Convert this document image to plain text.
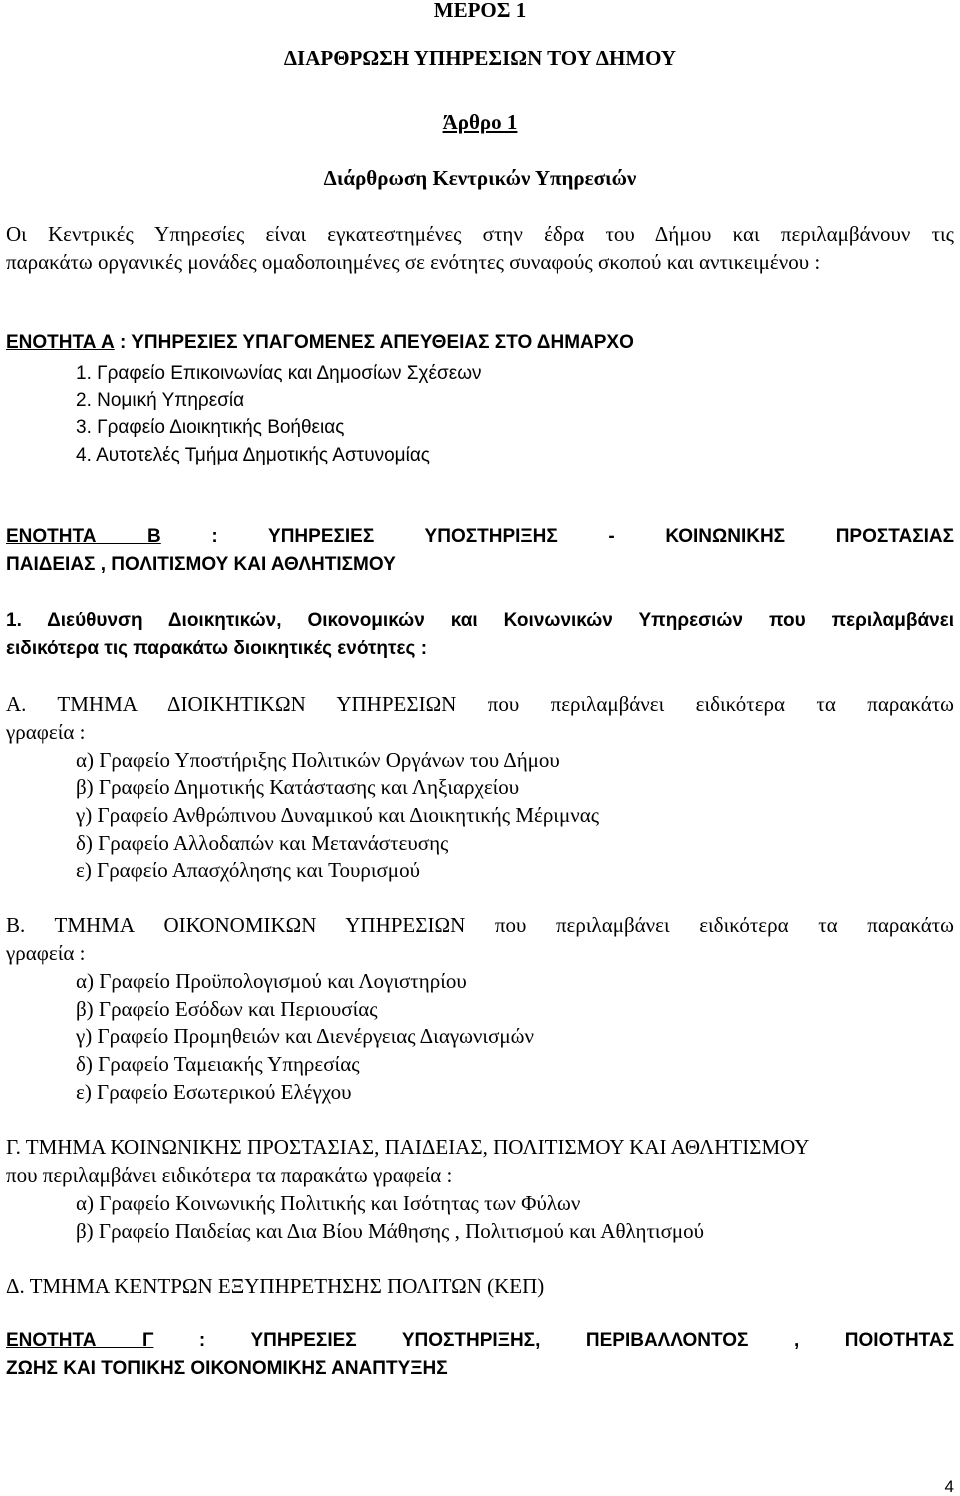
ΜΕΡΟΣ 1
ΔΙΑΡΘΡΩΣΗ ΥΠΗΡΕΣΙΩΝ ΤΟΥ ΔΗΜΟΥ
Άρθρο 1
Διάρθρωση Κεντρικών Υπηρεσιών
Οι Κεντρικές Υπηρεσίες είναι εγκατεστημένες στην έδρα του Δήμου και περιλαμβάνουν τις
παρακάτω οργανικές μονάδες ομαδοποιημένες σε ενότητες συναφούς σκοπού και αντικειμένου :
ΕΝΟΤΗΤΑ Α : ΥΠΗΡΕΣΙΕΣ ΥΠΑΓΟΜΕΝΕΣ ΑΠΕΥΘΕΙΑΣ ΣΤΟ ΔΗΜΑΡΧΟ
1. Γραφείο Επικοινωνίας και Δημοσίων Σχέσεων
2. Νομική Υπηρεσία
3. Γραφείο Διοικητικής Βοήθειας
4. Αυτοτελές Τμήμα Δημοτικής Αστυνομίας
ΕΝΟΤΗΤΑ Β : ΥΠΗΡΕΣΙΕΣ ΥΠΟΣΤΗΡΙΞΗΣ - ΚΟΙΝΩΝΙΚΗΣ ΠΡΟΣΤΑΣΙΑΣ
ΠΑΙΔΕΙΑΣ , ΠΟΛΙΤΙΣΜΟΥ ΚΑΙ ΑΘΛΗΤΙΣΜΟΥ
1. Διεύθυνση Διοικητικών, Οικονομικών και Κοινωνικών Υπηρεσιών που περιλαμβάνει
ειδικότερα τις παρακάτω διοικητικές ενότητες :
Α. ΤΜΗΜΑ ΔΙΟΙΚΗΤΙΚΩΝ ΥΠΗΡΕΣΙΩΝ που περιλαμβάνει ειδικότερα τα παρακάτω
γραφεία :
α) Γραφείο Υποστήριξης Πολιτικών Οργάνων του Δήμου
β) Γραφείο Δημοτικής Κατάστασης και Ληξιαρχείου
γ) Γραφείο Ανθρώπινου Δυναμικού και Διοικητικής Μέριμνας
δ) Γραφείο Αλλοδαπών και Μετανάστευσης
ε) Γραφείο Απασχόλησης και Τουρισμού
Β. ΤΜΗΜΑ ΟΙΚΟΝΟΜΙΚΩΝ ΥΠΗΡΕΣΙΩΝ που περιλαμβάνει ειδικότερα τα παρακάτω
γραφεία :
α) Γραφείο Προϋπολογισμού και Λογιστηρίου
β) Γραφείο Εσόδων και Περιουσίας
γ) Γραφείο Προμηθειών και Διενέργειας Διαγωνισμών
δ) Γραφείο Ταμειακής Υπηρεσίας
ε) Γραφείο Εσωτερικού Ελέγχου
Γ. ΤΜΗΜΑ ΚΟΙΝΩΝΙΚΗΣ ΠΡΟΣΤΑΣΙΑΣ, ΠΑΙΔΕΙΑΣ, ΠΟΛΙΤΙΣΜΟΥ ΚΑΙ ΑΘΛΗΤΙΣΜΟΥ
που περιλαμβάνει ειδικότερα τα παρακάτω γραφεία :
α) Γραφείο Κοινωνικής Πολιτικής και Ισότητας των Φύλων
β) Γραφείο Παιδείας και Δια Βίου Μάθησης , Πολιτισμού και Αθλητισμού
Δ. ΤΜΗΜΑ ΚΕΝΤΡΩΝ ΕΞΥΠΗΡΕΤΗΣΗΣ ΠΟΛΙΤΩΝ (ΚΕΠ)
ΕΝΟΤΗΤΑ Γ : ΥΠΗΡΕΣΙΕΣ ΥΠΟΣΤΗΡΙΞΗΣ, ΠΕΡΙΒΑΛΛΟΝΤΟΣ , ΠΟΙΟΤΗΤΑΣ
ΖΩΗΣ ΚΑΙ ΤΟΠΙΚΗΣ ΟΙΚΟΝΟΜΙΚΗΣ ΑΝΑΠΤΥΞΗΣ
4
